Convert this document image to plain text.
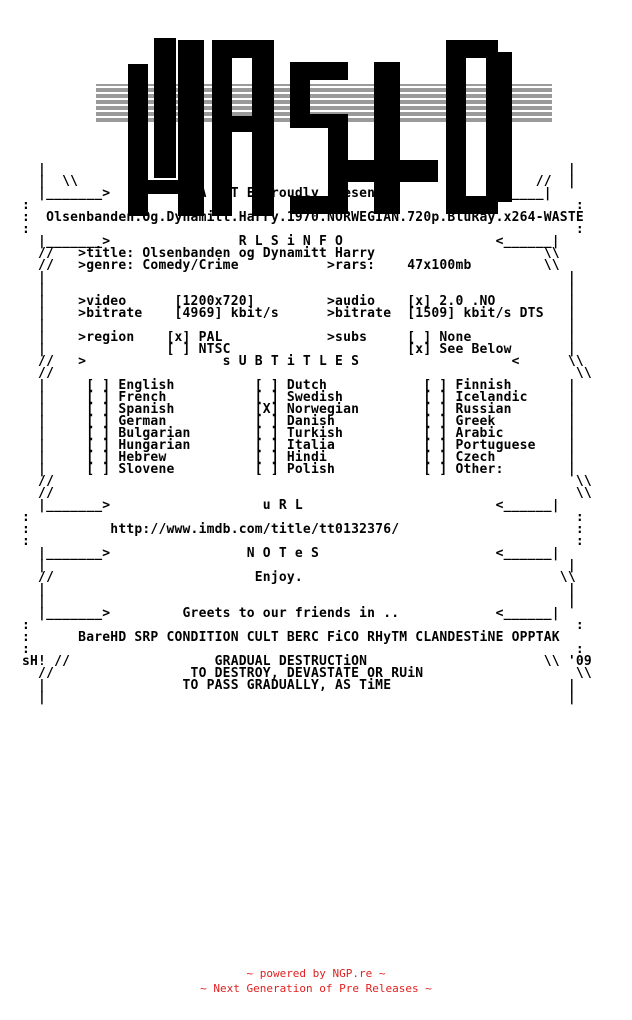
|                                                                 |
|  \\                                                         //  |
|_______>         W A S T E proudly presents:           <______|
:                                                                    :
:  Olsenbanden.Og.Dynamitt.Harry.1970.NORWEGIAN.720p.BluRay.x264-WASTE
:                                                                    :
|_______>                R L S i N F O                   <______|
//   >title: Olsenbanden og Dynamitt Harry                     \\
//   >genre: Comedy/Crime           >rars:    47x100mb         \\
|                                                                 |
|                                                                 |
|    >video      [1200x720]         >audio    [x] 2.0 .NO         |
|    >bitrate    [4969] kbit/s      >bitrate  [1509] kbit/s DTS   |
|                                                                 |
|    >region    [x] PAL             >subs     [ ] None            |
|               [ ] NTSC                      [x] See Below       |
//   >                 s U B T i T L E S                   <      \\
//                                                                 \\
|     [ ] English          [ ] Dutch            [ ] Finnish       |
|     [ ] French           [ ] Swedish          [ ] Icelandic     |
|     [ ] Spanish          [X] Norwegian        [ ] Russian       |
|     [ ] German           [ ] Danish           [ ] Greek         |
|     [ ] Bulgarian        [ ] Turkish          [ ] Arabic        |
|     [ ] Hungarian        [ ] Italia           [ ] Portuguese    |
|     [ ] Hebrew           [ ] Hindi            [ ] Czech         |
|     [ ] Slovene          [ ] Polish           [ ] Other:        |
//                                                                 \\
//                                                                 \\
|_______>                   u R L                        <______|
:                                                                    :
:          http://www.imdb.com/title/tt0132376/                      :
:                                                                    :
|_______>                 N O T e S                      <______|
|                                                                 |
//                         Enjoy.                                \\
|                                                                 |
|                                                                 |
|_______>         Greets to our friends in ..            <______|
:                                                                    :
:      BareHD SRP CONDITION CULT BERC FiCO RHyTM CLANDESTiNE OPPTAK
:                                                                    :
sH! //                  GRADUAL DESTRUCTiON                      \\ '09
//                 TO DESTROY, DEVASTATE OR RUiN                   \\
|                 TO PASS GRADUALLY, AS TiME                      |
|                                                                 |
~ powered by NGP.re ~
~ Next Generation of Pre Releases ~
